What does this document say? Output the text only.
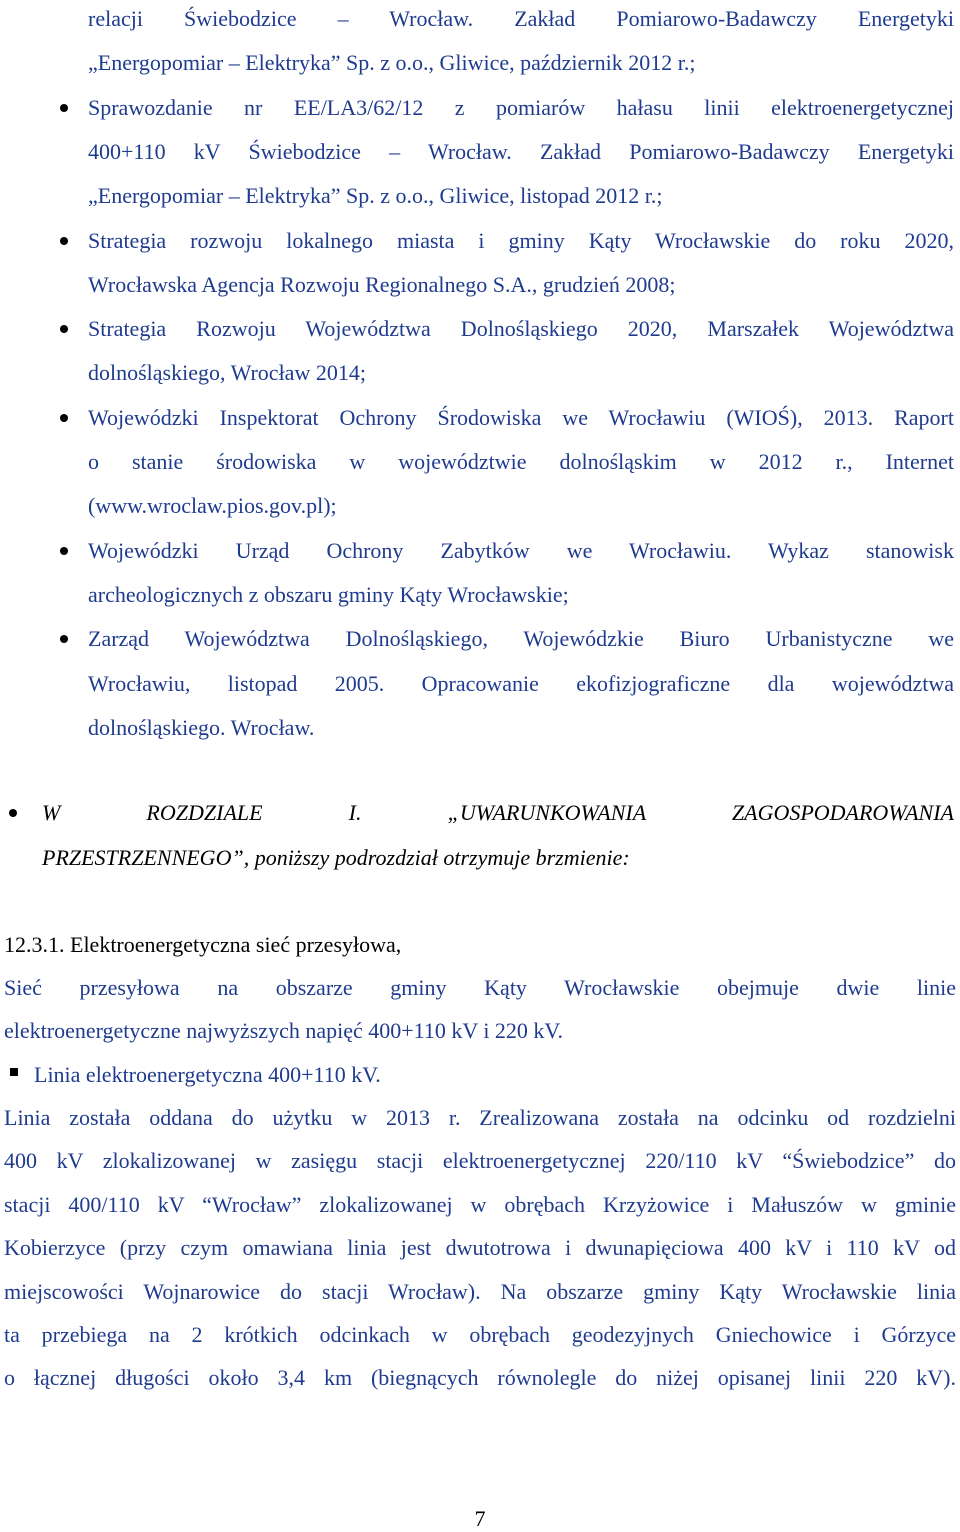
relacji Świebodzice – Wrocław. Zakład Pomiarowo-Badawczy Energetyki
„Energopomiar – Elektryka” Sp. z o.o., Gliwice, październik 2012 r.;
Sprawozdanie nr EE/LA3/62/12 z pomiarów hałasu linii elektroenergetycznej
400+110 kV Świebodzice – Wrocław. Zakład Pomiarowo-Badawczy Energetyki
„Energopomiar – Elektryka” Sp. z o.o., Gliwice, listopad 2012 r.;
Strategia rozwoju lokalnego miasta i gminy Kąty Wrocławskie do roku 2020,
Wrocławska Agencja Rozwoju Regionalnego S.A., grudzień 2008;
Strategia Rozwoju Województwa Dolnośląskiego 2020, Marszałek Województwa
dolnośląskiego, Wrocław 2014;
Wojewódzki Inspektorat Ochrony Środowiska we Wrocławiu (WIOŚ), 2013. Raport
o stanie środowiska w województwie dolnośląskim w 2012 r., Internet
(www.wroclaw.pios.gov.pl);
Wojewódzki Urząd Ochrony Zabytków we Wrocławiu. Wykaz stanowisk
archeologicznych z obszaru gminy Kąty Wrocławskie;
Zarząd Województwa Dolnośląskiego, Wojewódzkie Biuro Urbanistyczne we
Wrocławiu, listopad 2005. Opracowanie ekofizjograficzne dla województwa
dolnośląskiego. Wrocław.
W ROZDZIALE I. „UWARUNKOWANIA ZAGOSPODAROWANIA
PRZESTRZENNEGO”, poniższy podrozdział otrzymuje brzmienie:
12.3.1. Elektroenergetyczna sieć przesyłowa,
Sieć przesyłowa na obszarze gminy Kąty Wrocławskie obejmuje dwie linie
elektroenergetyczne najwyższych napięć 400+110 kV i 220 kV.
Linia elektroenergetyczna 400+110 kV.
Linia została oddana do użytku w 2013 r. Zrealizowana została na odcinku od rozdzielni
400 kV zlokalizowanej w zasięgu stacji elektroenergetycznej 220/110 kV “Świebodzice” do
stacji 400/110 kV “Wrocław” zlokalizowanej w obrębach Krzyżowice i Małuszów w gminie
Kobierzyce (przy czym omawiana linia jest dwutotrowa i dwunapięciowa 400 kV i 110 kV od
miejscowości Wojnarowice do stacji Wrocław). Na obszarze gminy Kąty Wrocławskie linia
ta przebiega na 2 krótkich odcinkach w obrębach geodezyjnych Gniechowice i Górzyce
o łącznej długości około 3,4 km (biegnących równolegle do niżej opisanej linii 220 kV).
7
